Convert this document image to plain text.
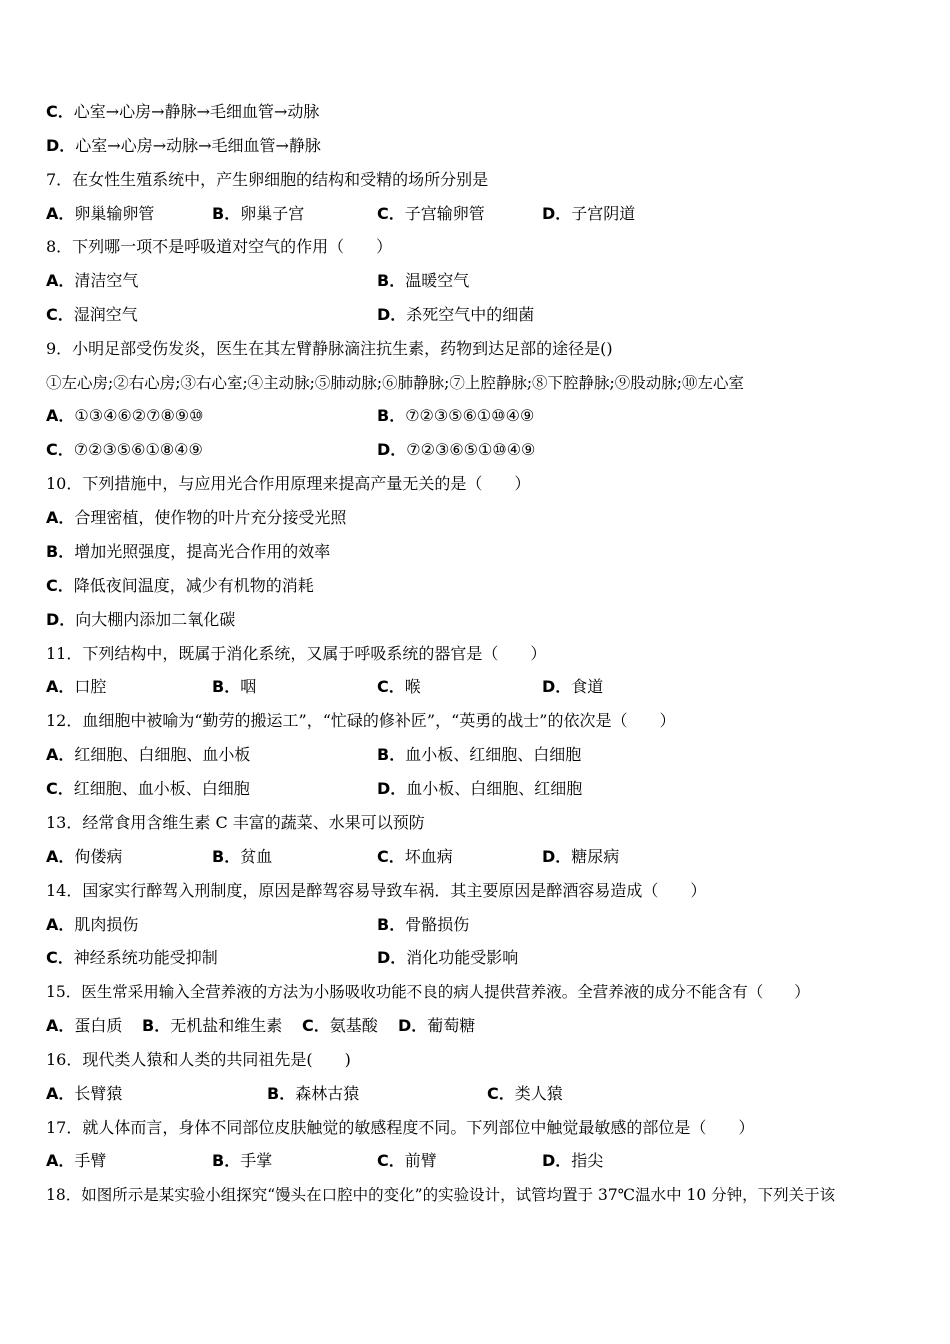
C．心室→心房→静脉→毛细血管→动脉
D．心室→心房→动脉→毛细血管→静脉
7．在女性生殖系统中，产生卵细胞的结构和受精的场所分别是
A．卵巢输卵管	B．卵巢子宫	C．子宫输卵管	D．子宫阴道
8．下列哪一项不是呼吸道对空气的作用（　　）
A．清洁空气	B．温暖空气
C．湿润空气	D．杀死空气中的细菌
9．小明足部受伤发炎，医生在其左臂静脉滴注抗生素，药物到达足部的途径是()
①左心房;②右心房;③右心室;④主动脉;⑤肺动脉;⑥肺静脉;⑦上腔静脉;⑧下腔静脉;⑨股动脉;⑩左心室
A．①③④⑥②⑦⑧⑨⑩	B．⑦②③⑤⑥①⑩④⑨
C．⑦②③⑤⑥①⑧④⑨	D．⑦②③⑥⑤①⑩④⑨
10．下列措施中，与应用光合作用原理来提高产量无关的是（　　）
A．合理密植，使作物的叶片充分接受光照
B．增加光照强度，提高光合作用的效率
C．降低夜间温度，减少有机物的消耗
D．向大棚内添加二氧化碳
11．下列结构中，既属于消化系统，又属于呼吸系统的器官是（　　）
A．口腔	B．咽	C．喉	D．食道
12．血细胞中被喻为“勤劳的搬运工”，“忙碌的修补匠”，“英勇的战士”的依次是（　　）
A．红细胞、白细胞、血小板	B．血小板、红细胞、白细胞
C．红细胞、血小板、白细胞	D．血小板、白细胞、红细胞
13．经常食用含维生素 C 丰富的蔬菜、水果可以预防
A．佝偻病	B．贫血	C．坏血病	D．糖尿病
14．国家实行醉驾入刑制度，原因是醉驾容易导致车祸．其主要原因是醉酒容易造成（　　）
A．肌肉损伤	B．骨骼损伤
C．神经系统功能受抑制	D．消化功能受影响
15．医生常采用输入全营养液的方法为小肠吸收功能不良的病人提供营养液。全营养液的成分不能含有（　　）
A．蛋白质 B．无机盐和维生素 C．氨基酸 D．葡萄糖
16．现代类人猿和人类的共同祖先是(　　)
A．长臂猿	B．森林古猿	C．类人猿
17．就人体而言，身体不同部位皮肤触觉的敏感程度不同。下列部位中触觉最敏感的部位是（　　）
A．手臂	B．手掌	C．前臂	D．指尖
18．如图所示是某实验小组探究“馒头在口腔中的变化”的实验设计，试管均置于 37℃温水中 10 分钟，下列关于该
